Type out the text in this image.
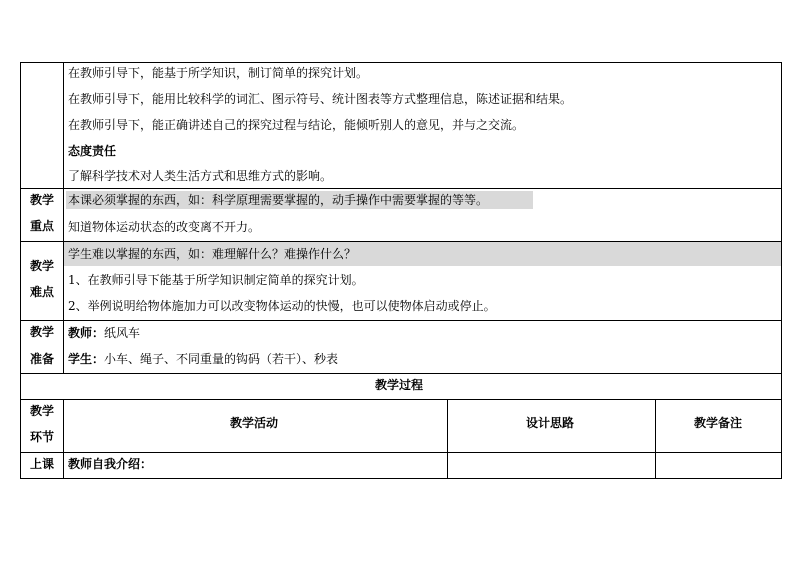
在教师引导下，能基于所学知识，制订简单的探究计划。
在教师引导下，能用比较科学的词汇、图示符号、统计图表等方式整理信息，陈述证据和结果。
在教师引导下，能正确讲述自己的探究过程与结论，能倾听别人的意见，并与之交流。
态度责任
了解科学技术对人类生活方式和思维方式的影响。
教学
重点
本课必须掌握的东西，如：科学原理需要掌握的，动手操作中需要掌握的等等。
知道物体运动状态的改变离不开力。
教学
难点
学生难以掌握的东西，如：难理解什么？难操作什么？
1、在教师引导下能基于所学知识制定简单的探究计划。
2、举例说明给物体施加力可以改变物体运动的快慢，也可以使物体启动或停止。
教学
准备
教师：纸风车
学生：小车、绳子、不同重量的钩码（若干）、秒表
教学过程
教学
环节
教学活动	设计思路	教学备注
上课 教师自我介绍：
